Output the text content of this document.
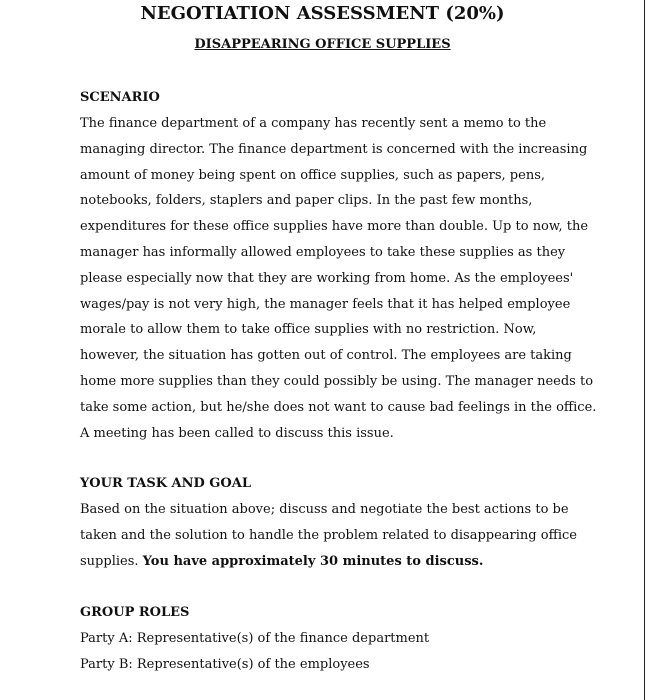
NEGOTIATION ASSESSMENT (20%)
DISAPPEARING OFFICE SUPPLIES
SCENARIO
The finance department of a company has recently sent a memo to the
managing director. The finance department is concerned with the increasing
amount of money being spent on office supplies, such as papers, pens,
notebooks, folders, staplers and paper clips. In the past few months,
expenditures for these office supplies have more than double. Up to now, the
manager has informally allowed employees to take these supplies as they
please especially now that they are working from home. As the employees'
wages/pay is not very high, the manager feels that it has helped employee
morale to allow them to take office supplies with no restriction. Now,
however, the situation has gotten out of control. The employees are taking
home more supplies than they could possibly be using. The manager needs to
take some action, but he/she does not want to cause bad feelings in the office.
A meeting has been called to discuss this issue.
YOUR TASK AND GOAL
Based on the situation above; discuss and negotiate the best actions to be
taken and the solution to handle the problem related to disappearing office
supplies. You have approximately 30 minutes to discuss.
GROUP ROLES
Party A: Representative(s) of the finance department
Party B: Representative(s) of the employees
